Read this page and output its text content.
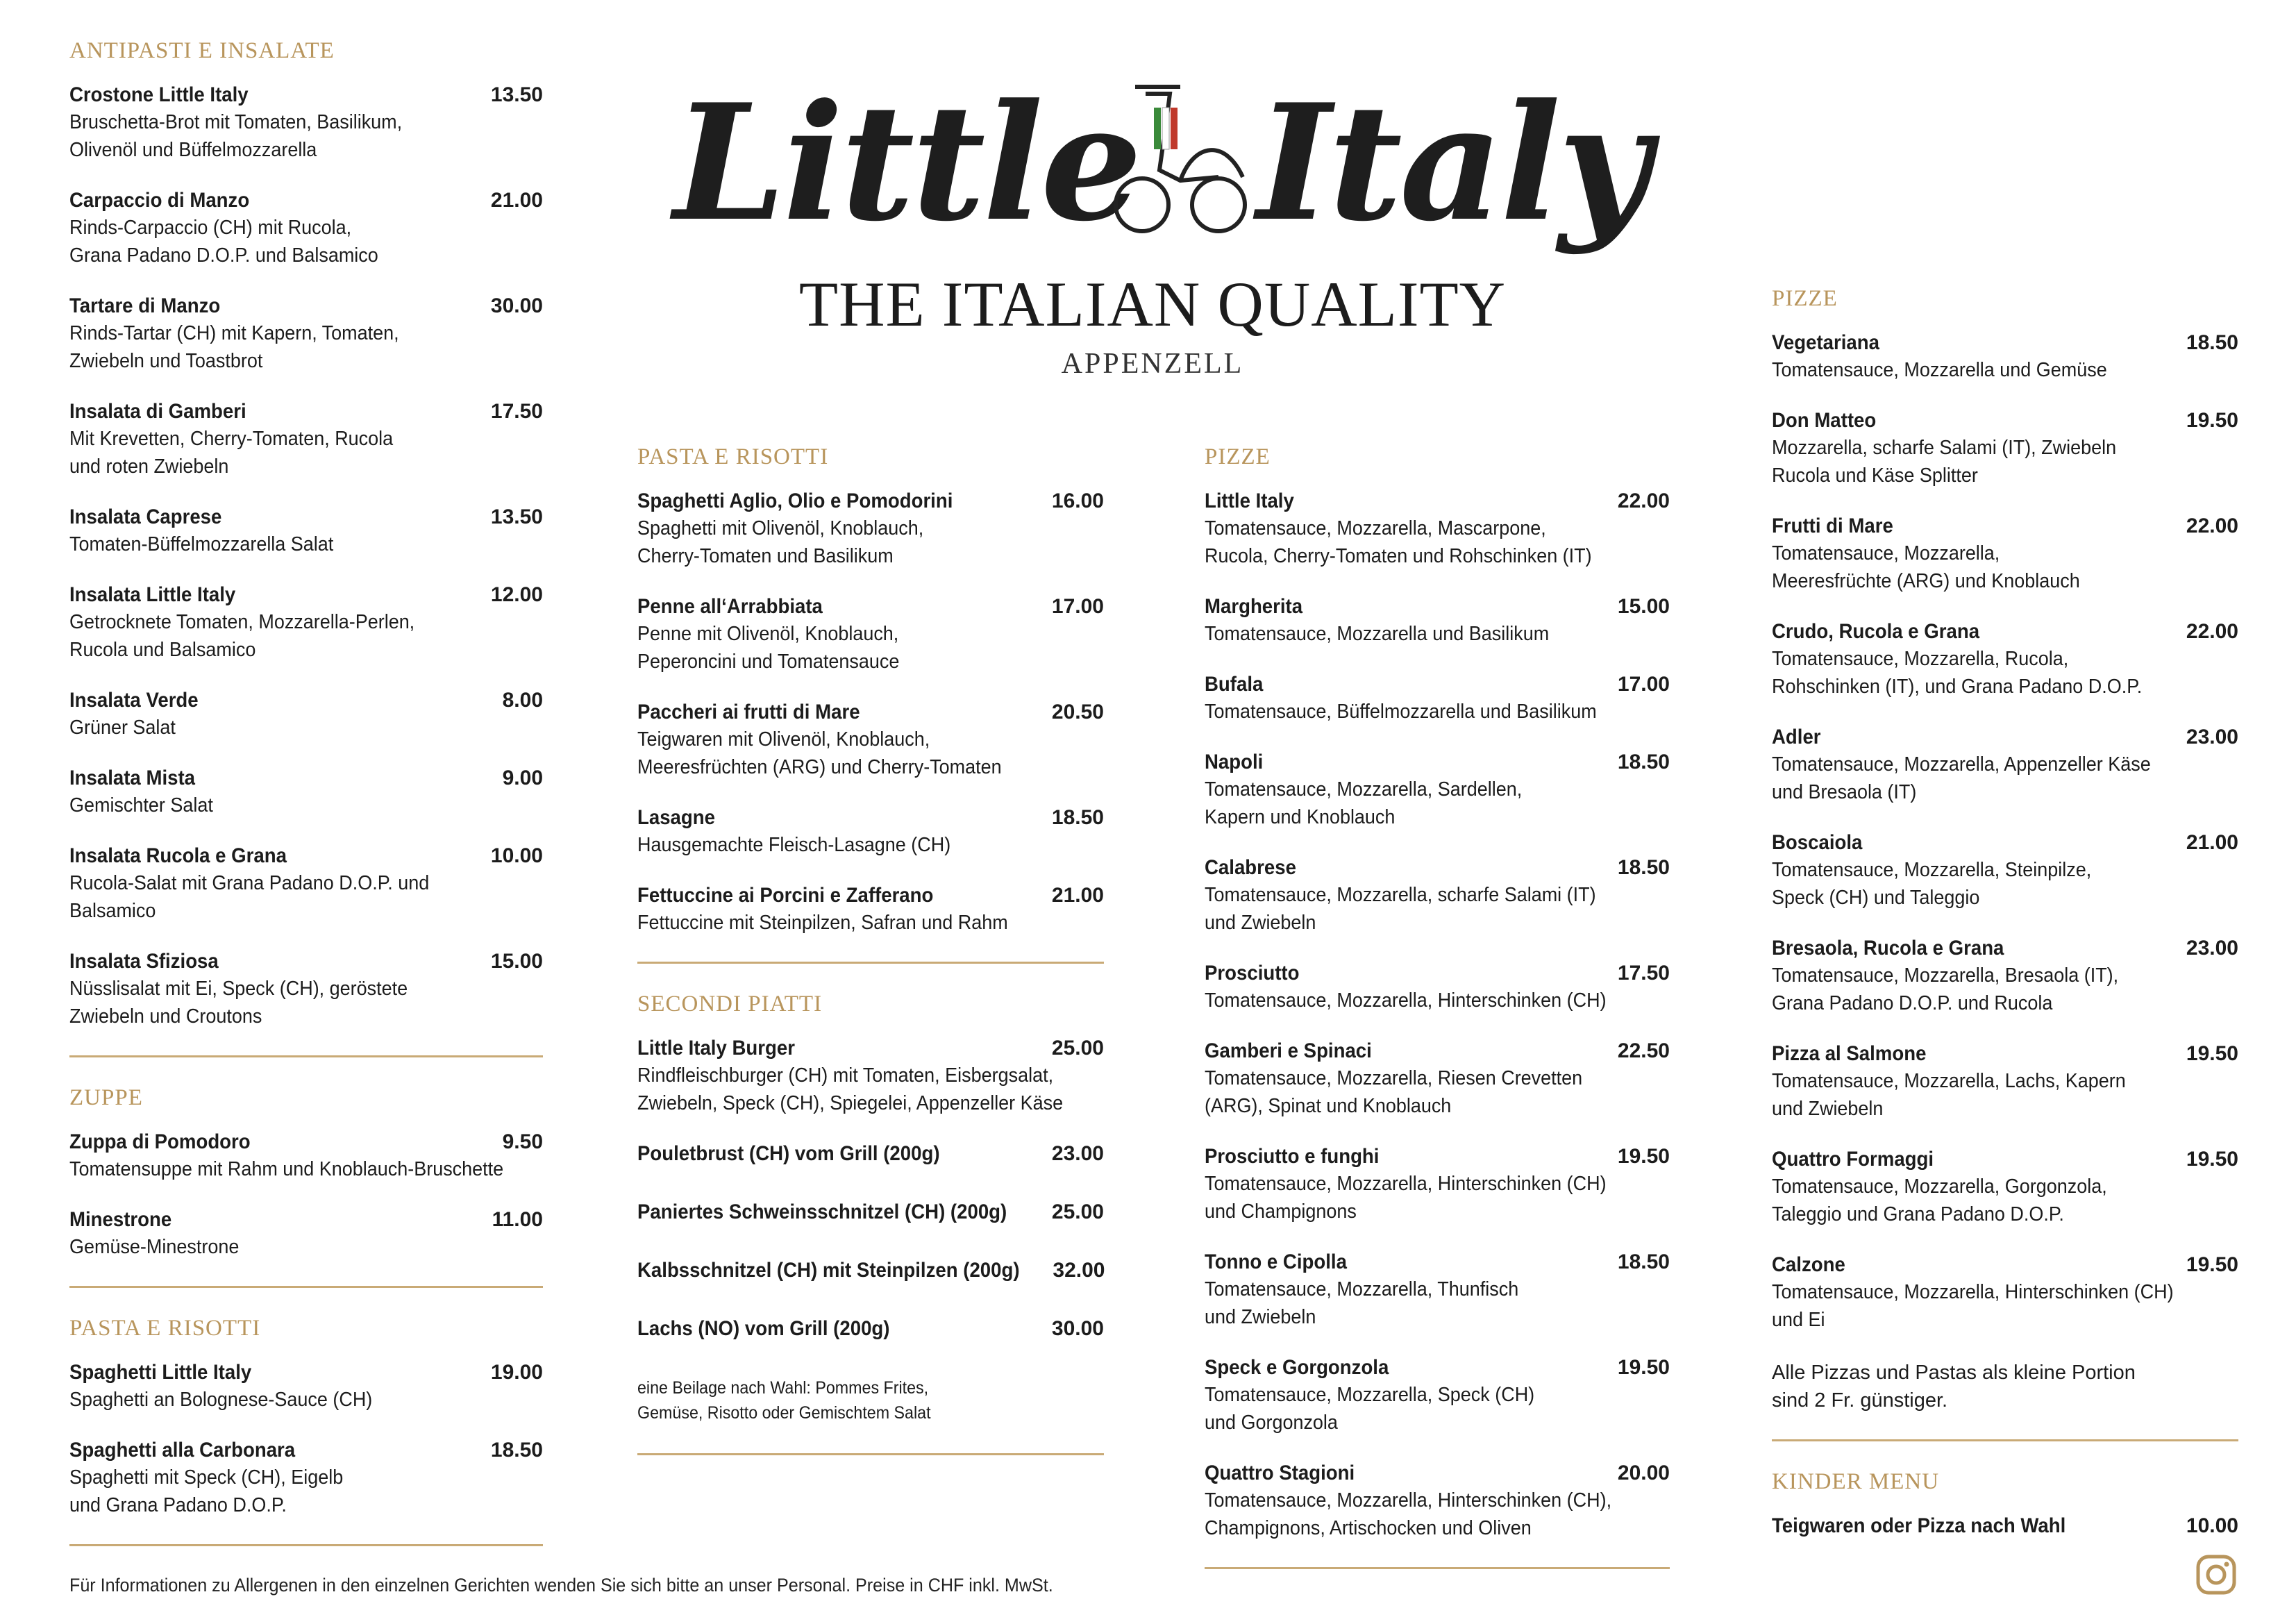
Little Italy
THE ITALIAN QUALITY
APPENZELL
ANTIPASTI E INSALATE
Crostone Little Italy	13.50
Bruschetta-Brot mit Tomaten, Basilikum,
Olivenöl und Büffelmozzarella
Carpaccio di Manzo	21.00
Rinds-Carpaccio (CH) mit Rucola,
Grana Padano D.O.P. und Balsamico
Tartare di Manzo	30.00
Rinds-Tartar (CH) mit Kapern, Tomaten,
Zwiebeln und Toastbrot
Insalata di Gamberi	17.50
Mit Krevetten, Cherry-Tomaten, Rucola
und roten Zwiebeln
Insalata Caprese	13.50
Tomaten-Büffelmozzarella Salat
Insalata Little Italy	12.00
Getrocknete Tomaten, Mozzarella-Perlen,
Rucola und Balsamico
Insalata Verde	8.00
Grüner Salat
Insalata Mista	9.00
Gemischter Salat
Insalata Rucola e Grana	10.00
Rucola-Salat mit Grana Padano D.O.P. und Balsamico
Insalata Sfiziosa	15.00
Nüsslisalat mit Ei, Speck (CH), geröstete
Zwiebeln und Croutons
ZUPPE
Zuppa di Pomodoro	9.50
Tomatensuppe mit Rahm und Knoblauch-Bruschette
Minestrone	11.00
Gemüse-Minestrone
PASTA E RISOTTI
Spaghetti Little Italy	19.00
Spaghetti an Bolognese-Sauce (CH)
Spaghetti alla Carbonara	18.50
Spaghetti mit Speck (CH), Eigelb
und Grana Padano D.O.P.
PASTA E RISOTTI
Spaghetti Aglio, Olio e Pomodorini	16.00
Spaghetti mit Olivenöl, Knoblauch,
Cherry-Tomaten und Basilikum
Penne all‘Arrabbiata	17.00
Penne mit Olivenöl, Knoblauch,
Peperoncini und Tomatensauce
Paccheri ai frutti di Mare	20.50
Teigwaren mit Olivenöl, Knoblauch,
Meeresfrüchten (ARG) und Cherry-Tomaten
Lasagne	18.50
Hausgemachte Fleisch-Lasagne (CH)
Fettuccine ai Porcini e Zafferano	21.00
Fettuccine mit Steinpilzen, Safran und Rahm
SECONDI PIATTI
Little Italy Burger	25.00
Rindfleischburger (CH) mit Tomaten, Eisbergsalat,
Zwiebeln, Speck (CH), Spiegelei, Appenzeller Käse
Pouletbrust (CH) vom Grill (200g)	23.00
Paniertes Schweinsschnitzel (CH) (200g) 25.00
Kalbsschnitzel (CH) mit Steinpilzen (200g) 32.00
Lachs (NO) vom Grill (200g)	30.00
eine Beilage nach Wahl: Pommes Frites,
Gemüse, Risotto oder Gemischtem Salat
PIZZE
Little Italy	22.00
Tomatensauce, Mozzarella, Mascarpone,
Rucola, Cherry-Tomaten und Rohschinken (IT)
Margherita	15.00
Tomatensauce, Mozzarella und Basilikum
Bufala	17.00
Tomatensauce, Büffelmozzarella und Basilikum
Napoli	18.50
Tomatensauce, Mozzarella, Sardellen,
Kapern und Knoblauch
Calabrese	18.50
Tomatensauce, Mozzarella, scharfe Salami (IT)
und Zwiebeln
Prosciutto	17.50
Tomatensauce, Mozzarella, Hinterschinken (CH)
Gamberi e Spinaci	22.50
Tomatensauce, Mozzarella, Riesen Crevetten
(ARG), Spinat und Knoblauch
Prosciutto e funghi	19.50
Tomatensauce, Mozzarella, Hinterschinken (CH)
und Champignons
Tonno e Cipolla	18.50
Tomatensauce, Mozzarella, Thunfisch
und Zwiebeln
Speck e Gorgonzola	19.50
Tomatensauce, Mozzarella, Speck (CH)
und Gorgonzola
Quattro Stagioni	20.00
Tomatensauce, Mozzarella, Hinterschinken (CH),
Champignons, Artischocken und Oliven
PIZZE
Vegetariana	18.50
Tomatensauce, Mozzarella und Gemüse
Don Matteo	19.50
Mozzarella, scharfe Salami (IT), Zwiebeln
Rucola und Käse Splitter
Frutti di Mare	22.00
Tomatensauce, Mozzarella,
Meeresfrüchte (ARG) und Knoblauch
Crudo, Rucola e Grana	22.00
Tomatensauce, Mozzarella, Rucola,
Rohschinken (IT), und Grana Padano D.O.P.
Adler	23.00
Tomatensauce, Mozzarella, Appenzeller Käse
und Bresaola (IT)
Boscaiola	21.00
Tomatensauce, Mozzarella, Steinpilze,
Speck (CH) und Taleggio
Bresaola, Rucola e Grana	23.00
Tomatensauce, Mozzarella, Bresaola (IT),
Grana Padano D.O.P. und Rucola
Pizza al Salmone	19.50
Tomatensauce, Mozzarella, Lachs, Kapern
und Zwiebeln
Quattro Formaggi	19.50
Tomatensauce, Mozzarella, Gorgonzola,
Taleggio und Grana Padano D.O.P.
Calzone	19.50
Tomatensauce, Mozzarella, Hinterschinken (CH)
und Ei
Alle Pizzas und Pastas als kleine Portion
sind 2 Fr. günstiger.
KINDER MENU
Teigwaren oder Pizza nach Wahl	10.00
Für Informationen zu Allergenen in den einzelnen Gerichten wenden Sie sich bitte an unser Personal. Preise in CHF inkl. MwSt.
